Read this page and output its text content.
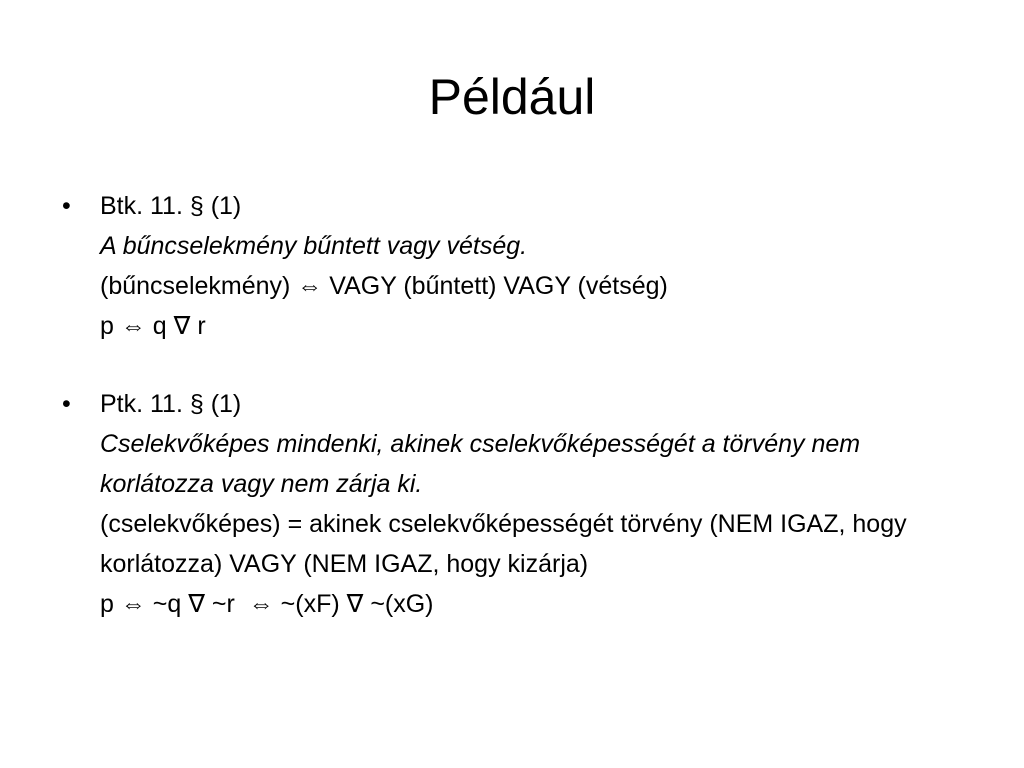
Például
• Btk. 11. § (1)
A bűncselekmény bűntett vagy vétség.
(bűncselekmény) ⇔ VAGY (bűntett) VAGY (vétség)
p ⇔ q ∇ r
• Ptk. 11. § (1)
Cselekvőképes mindenki, akinek cselekvőképességét a törvény nem korlátozza vagy nem zárja ki.
(cselekvőképes) = akinek cselekvőképességét törvény (NEM IGAZ, hogy korlátozza) VAGY (NEM IGAZ, hogy kizárja)
p ⇔ ~q ∇ ~r  ⇔ ~(xF) ∇ ~(xG)
